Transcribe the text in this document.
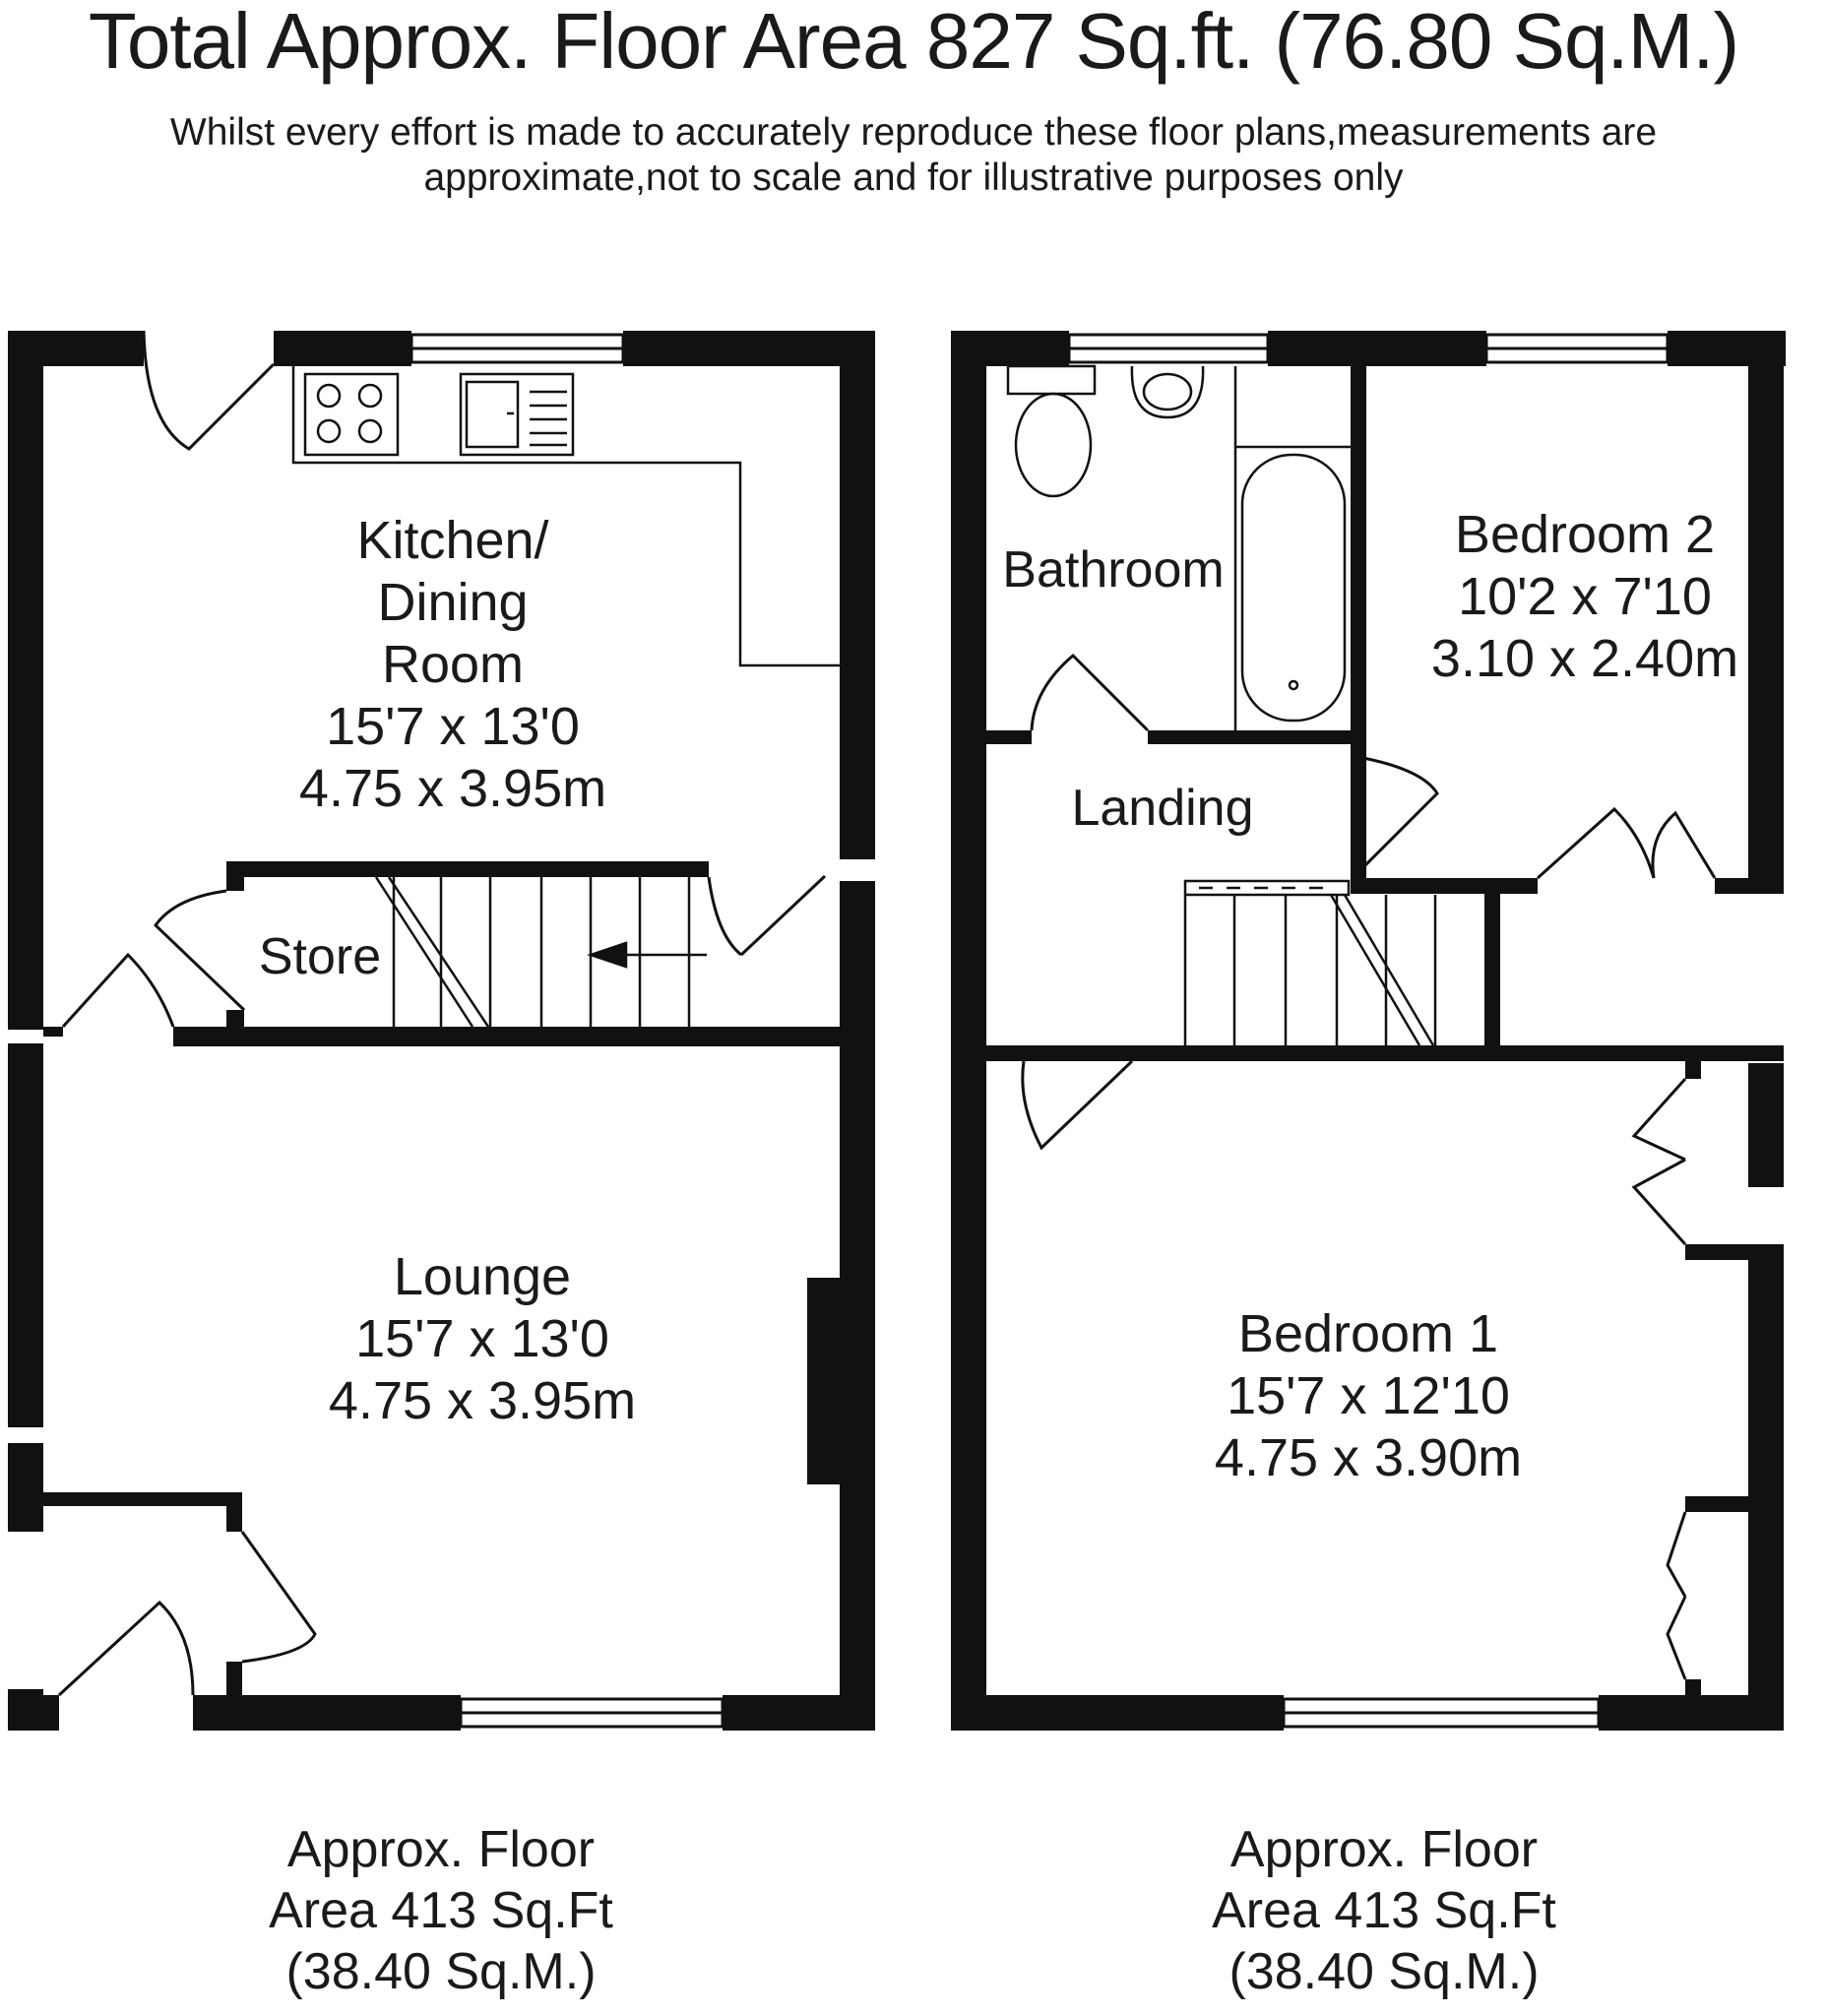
Total Approx. Floor Area 827 Sq.ft. (76.80 Sq.M.)
Whilst every effort is made to accurately reproduce these floor plans,measurements are
approximate,not to scale and for illustrative purposes only
Kitchen/
Dining
Room
15'7 x 13'0
4.75 x 3.95m
Store
Lounge
15'7 x 13'0
4.75 x 3.95m
Approx. Floor
Area 413 Sq.Ft
(38.40 Sq.M.)
Bathroom
Landing
Bedroom 2
10'2 x 7'10
3.10 x 2.40m
Bedroom 1
15'7 x 12'10
4.75 x 3.90m
Approx. Floor
Area 413 Sq.Ft
(38.40 Sq.M.)
